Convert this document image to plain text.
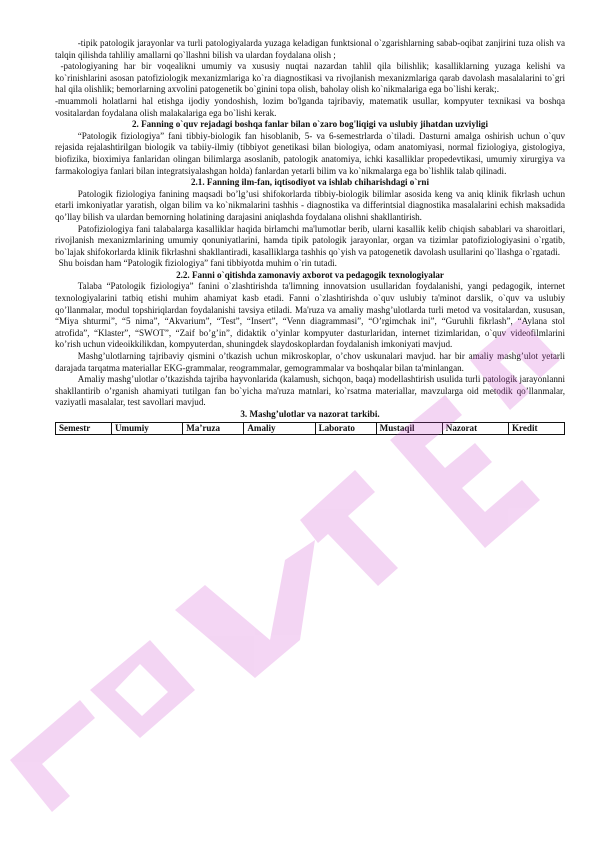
-tipik patologik jarayonlar va turli patologiyalarda yuzaga keladigan funktsional o`zgarishlarning sabab-oqibat zanjirini tuza olish va talqin qilishda tahliliy amallarni qo`llashni bilish va ulardan foydalana olish ;

-patologiyaning har bir voqealikni umumiy va xususiy nuqtai nazardan tahlil qila bilishlik; kasalliklarning yuzaga kelishi va ko`rinishlarini asosan patofiziologik mexanizmlariga ko`ra diagnostikasi va rivojlanish mexanizmlariga qarab davolash masalalarini to`gri hal qila olishlik; bemorlarning axvolini patogenetik bo`ginini topa olish, baholay olish ko`nikmalariga ega bo`lishi kerak;.

-muammoli holatlarni hal etishga ijodiy yondoshish, lozim bo'lganda tajribaviy, matematik usullar, kompyuter texnikasi va boshqa vositalardan foydalana olish malakalariga ega bo`lishi kerak.

2. Fanning o`quv rejadagi boshqa fanlar bilan o`zaro bog'liqigi va uslubiy jihatdan uzviyligi

“Patologik fiziologiya” fani tibbiy-biologik fan hisoblanib, 5- va 6-semestrlarda o`tiladi. Dasturni amalga oshirish uchun o`quv rejasida rejalashtirilgan biologik va tabiiy-ilmiy (tibbiyot genetikasi bilan biologiya, odam anatomiyasi, normal fiziologiya, gistologiya, biofizika, bioximiya fanlaridan olingan bilimlarga asoslanib, patologik anatomiya, ichki kasalliklar propedevtikasi, umumiy xirurgiya va farmakologiya fanlari bilan integratsiyalashgan holda) fanlardan yetarli bilim va ko`nikmalarga ega bo`lishlik talab qilinadi.

2.1. Fanning ilm-fan, iqtisodiyot va ishlab chiharishdagi o`rni

Patologik fiziologiya fanining maqsadi bo’lg’usi shifokorlarda tibbiy-biologik bilimlar asosida keng va aniq klinik fikrlash uchun etarli imkoniyatlar yaratish, olgan bilim va ko`nikmalarini tashhis - diagnostika va differintsial diagnostika masalalarini echish maksadida qo’llay bilish va ulardan bemorning holatining darajasini aniqlashda foydalana olishni shakllantirish.

Patofiziologiya fani talabalarga kasalliklar haqida birlamchi ma'lumotlar berib, ularni kasallik kelib chiqish sabablari va sharoitlari, rivojlanish mexanizmlarining umumiy qonuniyatlarini, hamda tipik patologik jarayonlar, organ va tizimlar patofiziologiyasini o`rgatib, bo`lajak shifokorlarda klinik fikrlashni shakllantiradi, kasalliklarga tashhis qo`yish va patogenetik davolash usullarini qo`llashga o`rgatadi.

Shu boisdan ham “Patologik fiziologiya” fani tibbiyotda muhim o`rin tutadi.

2.2. Fanni o`qitishda zamonaviy axborot va pedagogik texnologiyalar

Talaba “Patologik fiziologiya” fanini o`zlashtirishda ta'limning innovatsion usullaridan foydalanishi, yangi pedagogik, internet texnologiyalarini tatbiq etishi muhim ahamiyat kasb etadi. Fanni o`zlashtirishda o`quv uslubiy ta'minot darslik, o`quv va uslubiy qo’llanmalar, modul topshiriqlardan foydalanishi tavsiya etiladi. Ma'ruza va amaliy mashg’ulotlarda turli metod va vositalardan, xususan, “Miya shturmi”, “5 nima”, “Akvarium”, “Test”, “Insert”, “Venn diagrammasi”, “O’rgimchak ini”, “Guruhli fikrlash”, “Aylana stol atrofida”, “Klaster”, “SWOT”, “Zaif bo’g’in”, didaktik o’yinlar kompyuter dasturlaridan, internet tizimlaridan, o`quv videofilmlarini ko’rish uchun videoikkilikdan, kompyuterdan, shuningdek slaydoskoplardan foydalanish imkoniyati mavjud.

Mashg’ulotlarning tajribaviy qismini o’tkazish uchun mikroskoplar, o’chov uskunalari mavjud. har bir amaliy mashg’ulot yetarli darajada tarqatma materiallar EKG-grammalar, reogrammalar, gemogrammalar va boshqalar bilan ta'minlangan.

Amaliy mashg’ulotlar o’tkazishda tajriba hayvonlarida (kalamush, sichqon, baqa) modellashtirish usulida turli patologik jarayonlanni shakllantirib o’rganish ahamiyati tutilgan fan bo`yicha ma'ruza matnlari, ko`rsatma materiallar, mavzularga oid metodik qo’llanmalar, vaziyatli masalalar, test savollari mavjud.

3. Mashg’ulotlar va nazorat tarkibi.

Semestr	Umumiy	Ma’ruza	Amaliy	Laborato	Mustaqil	Nazorat	Kredit
